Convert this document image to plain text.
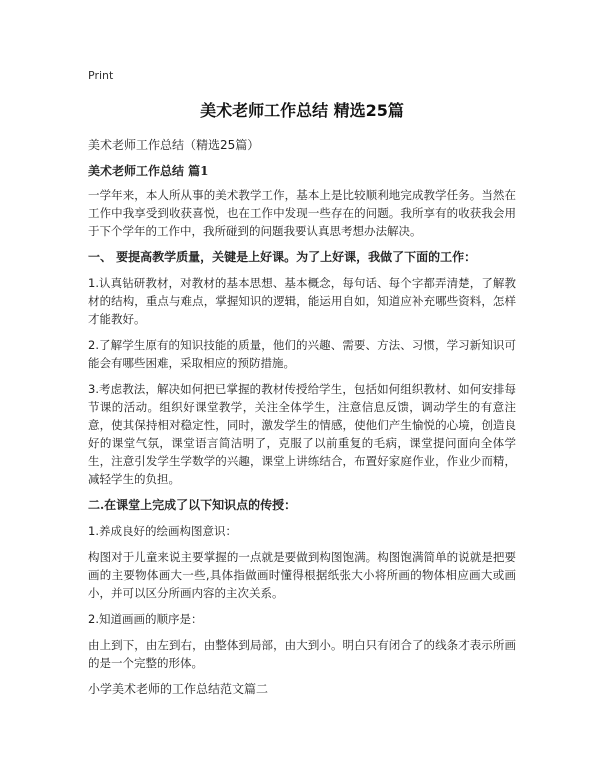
Print

美术老师工作总结 精选25篇

美术老师工作总结（精选25篇）

美术老师工作总结 篇1

一学年来，本人所从事的美术教学工作，基本上是比较顺利地完成教学任务。当然在工作中我享受到收获喜悦，也在工作中发现一些存在的问题。我所享有的收获我会用于下个学年的工作中，我所碰到的问题我要认真思考想办法解决。

一、 要提高教学质量，关键是上好课。为了上好课，我做了下面的工作：

1.认真钻研教材，对教材的基本思想、基本概念，每句话、每个字都弄清楚，了解教材的结构，重点与难点，掌握知识的逻辑，能运用自如，知道应补充哪些资料，怎样才能教好。

2.了解学生原有的知识技能的质量，他们的兴趣、需要、方法、习惯，学习新知识可能会有哪些困难，采取相应的预防措施。

3.考虑教法，解决如何把已掌握的教材传授给学生，包括如何组织教材、如何安排每节课的活动。组织好课堂教学，关注全体学生，注意信息反馈，调动学生的有意注意，使其保持相对稳定性，同时，激发学生的情感，使他们产生愉悦的心境，创造良好的课堂气氛，课堂语言简洁明了，克服了以前重复的毛病，课堂提问面向全体学生，注意引发学生学数学的兴趣，课堂上讲练结合，布置好家庭作业，作业少而精，减轻学生的负担。

二.在课堂上完成了以下知识点的传授：

1.养成良好的绘画构图意识：

构图对于儿童来说主要掌握的一点就是要做到构图饱满。构图饱满简单的说就是把要画的主要物体画大一些,具体指做画时懂得根据纸张大小将所画的物体相应画大或画小，并可以区分所画内容的主次关系。

2.知道画画的顺序是：

由上到下，由左到右，由整体到局部，由大到小。明白只有闭合了的线条才表示所画的是一个完整的形体。

小学美术老师的工作总结范文篇二
